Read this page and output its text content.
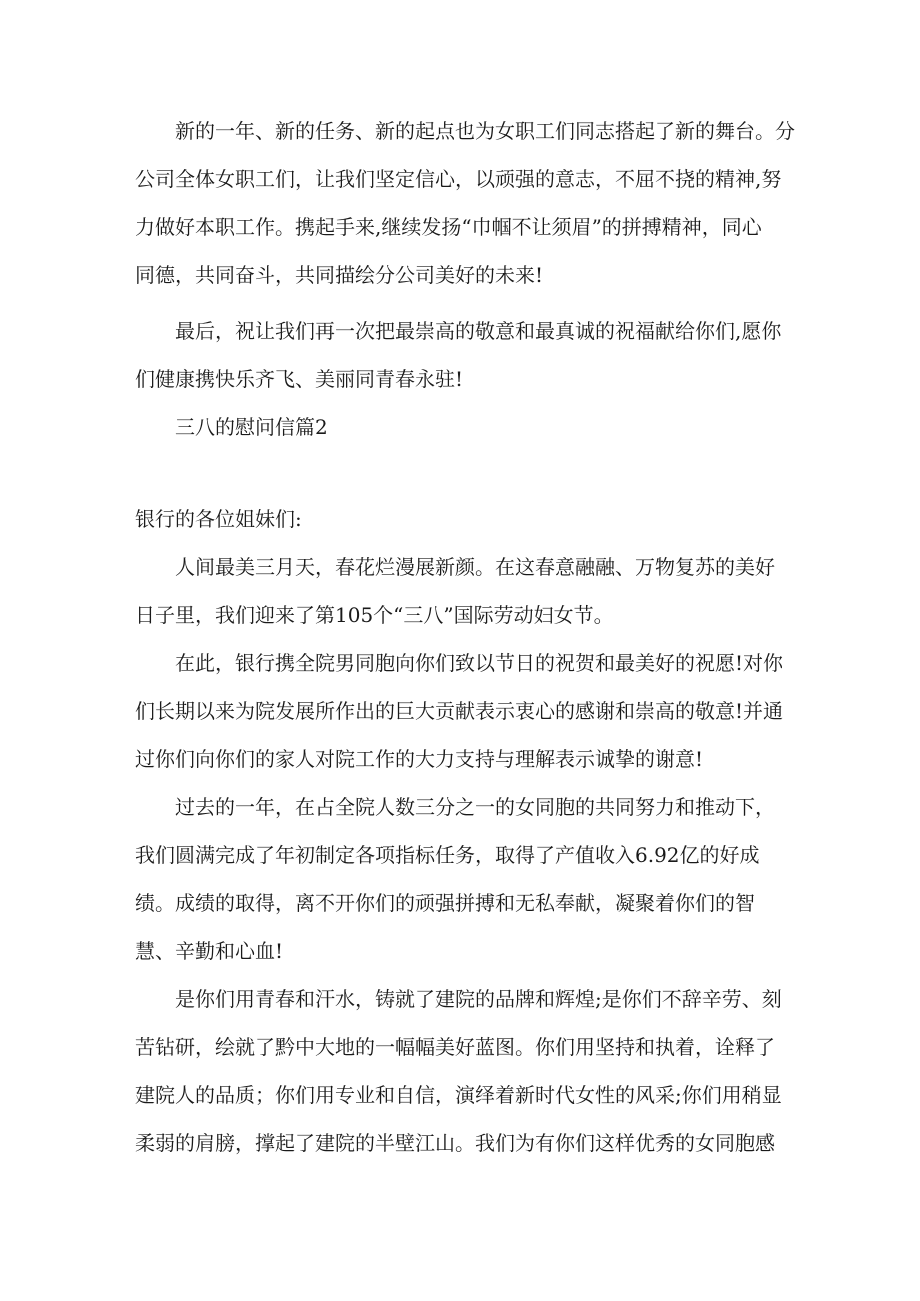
新的一年、新的任务、新的起点也为女职工们同志搭起了新的舞台。分

公司全体女职工们，让我们坚定信心，以顽强的意志，不屈不挠的精神,努

力做好本职工作。携起手来,继续发扬“巾帼不让须眉”的拼搏精神，同心

同德，共同奋斗，共同描绘分公司美好的未来!

最后，祝让我们再一次把最崇高的敬意和最真诚的祝福献给你们,愿你

们健康携快乐齐飞、美丽同青春永驻!

三八的慰问信篇2

银行的各位姐妹们:

人间最美三月天，春花烂漫展新颜。在这春意融融、万物复苏的美好

日子里，我们迎来了第105个“三八”国际劳动妇女节。

在此，银行携全院男同胞向你们致以节日的祝贺和最美好的祝愿!对你

们长期以来为院发展所作出的巨大贡献表示衷心的感谢和崇高的敬意!并通

过你们向你们的家人对院工作的大力支持与理解表示诚挚的谢意!

过去的一年，在占全院人数三分之一的女同胞的共同努力和推动下，

我们圆满完成了年初制定各项指标任务，取得了产值收入6.92亿的好成

绩。成绩的取得，离不开你们的顽强拼搏和无私奉献，凝聚着你们的智

慧、辛勤和心血!

是你们用青春和汗水，铸就了建院的品牌和辉煌;是你们不辞辛劳、刻

苦钻研，绘就了黔中大地的一幅幅美好蓝图。你们用坚持和执着，诠释了

建院人的品质；你们用专业和自信，演绎着新时代女性的风采;你们用稍显

柔弱的肩膀，撑起了建院的半壁江山。我们为有你们这样优秀的女同胞感
